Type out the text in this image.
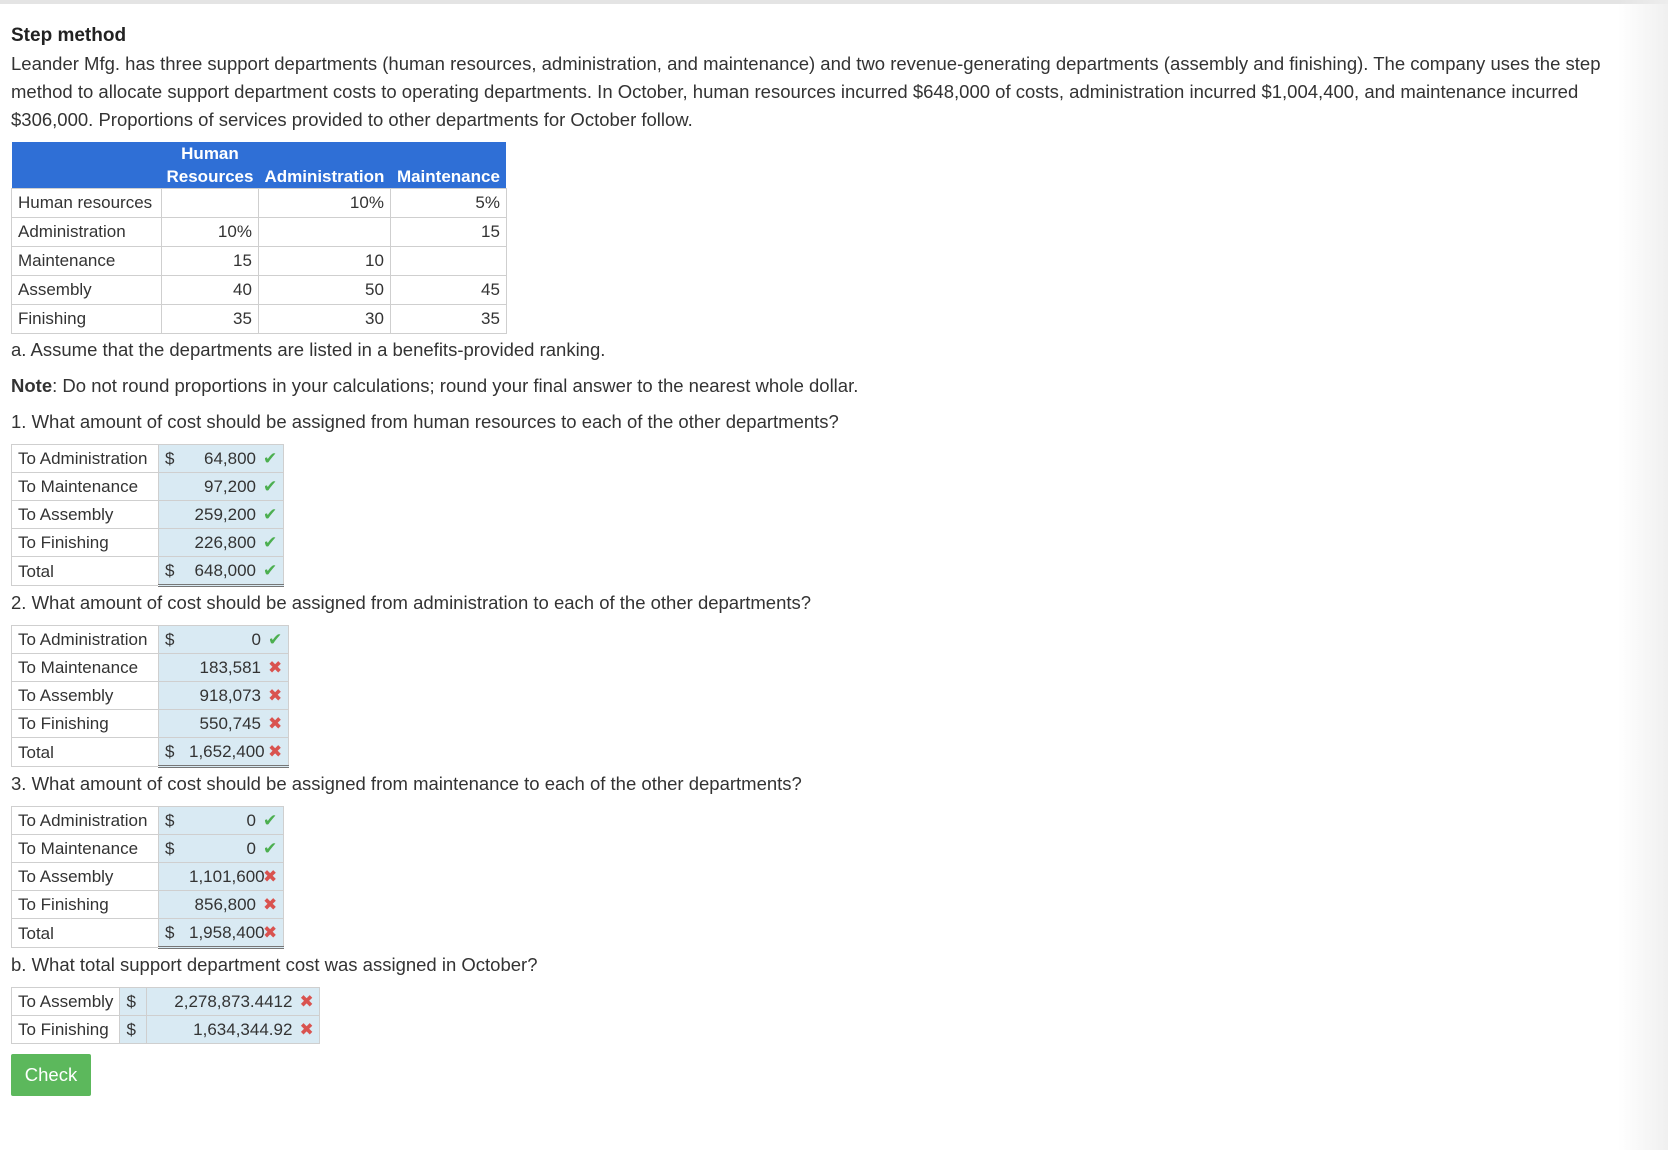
Step method

Leander Mfg. has three support departments (human resources, administration, and maintenance) and two revenue-generating departments (assembly and finishing). The company uses the step method to allocate support department costs to operating departments. In October, human resources incurred $648,000 of costs, administration incurred $1,004,400, and maintenance incurred $306,000. Proportions of services provided to other departments for October follow.

	Human Resources	Administration	Maintenance
Human resources		10%	5%
Administration	10%		15
Maintenance	15	10	
Assembly	40	50	45
Finishing	35	30	35

a. Assume that the departments are listed in a benefits-provided ranking.

Note: Do not round proportions in your calculations; round your final answer to the nearest whole dollar.

1. What amount of cost should be assigned from human resources to each of the other departments?

To Administration	$ 64,800 ✔
To Maintenance	97,200 ✔
To Assembly	259,200 ✔
To Finishing	226,800 ✔
Total	$ 648,000 ✔

2. What amount of cost should be assigned from administration to each of the other departments?

To Administration	$ 0 ✔
To Maintenance	183,581 ✖
To Assembly	918,073 ✖
To Finishing	550,745 ✖
Total	$ 1,652,400 ✖

3. What amount of cost should be assigned from maintenance to each of the other departments?

To Administration	$ 0 ✔
To Maintenance	$ 0 ✔
To Assembly	1,101,600✖
To Finishing	856,800 ✖
Total	$ 1,958,400✖

b. What total support department cost was assigned in October?

To Assembly	$	2,278,873.4412 ✖
To Finishing	$	1,634,344.92 ✖
Check
